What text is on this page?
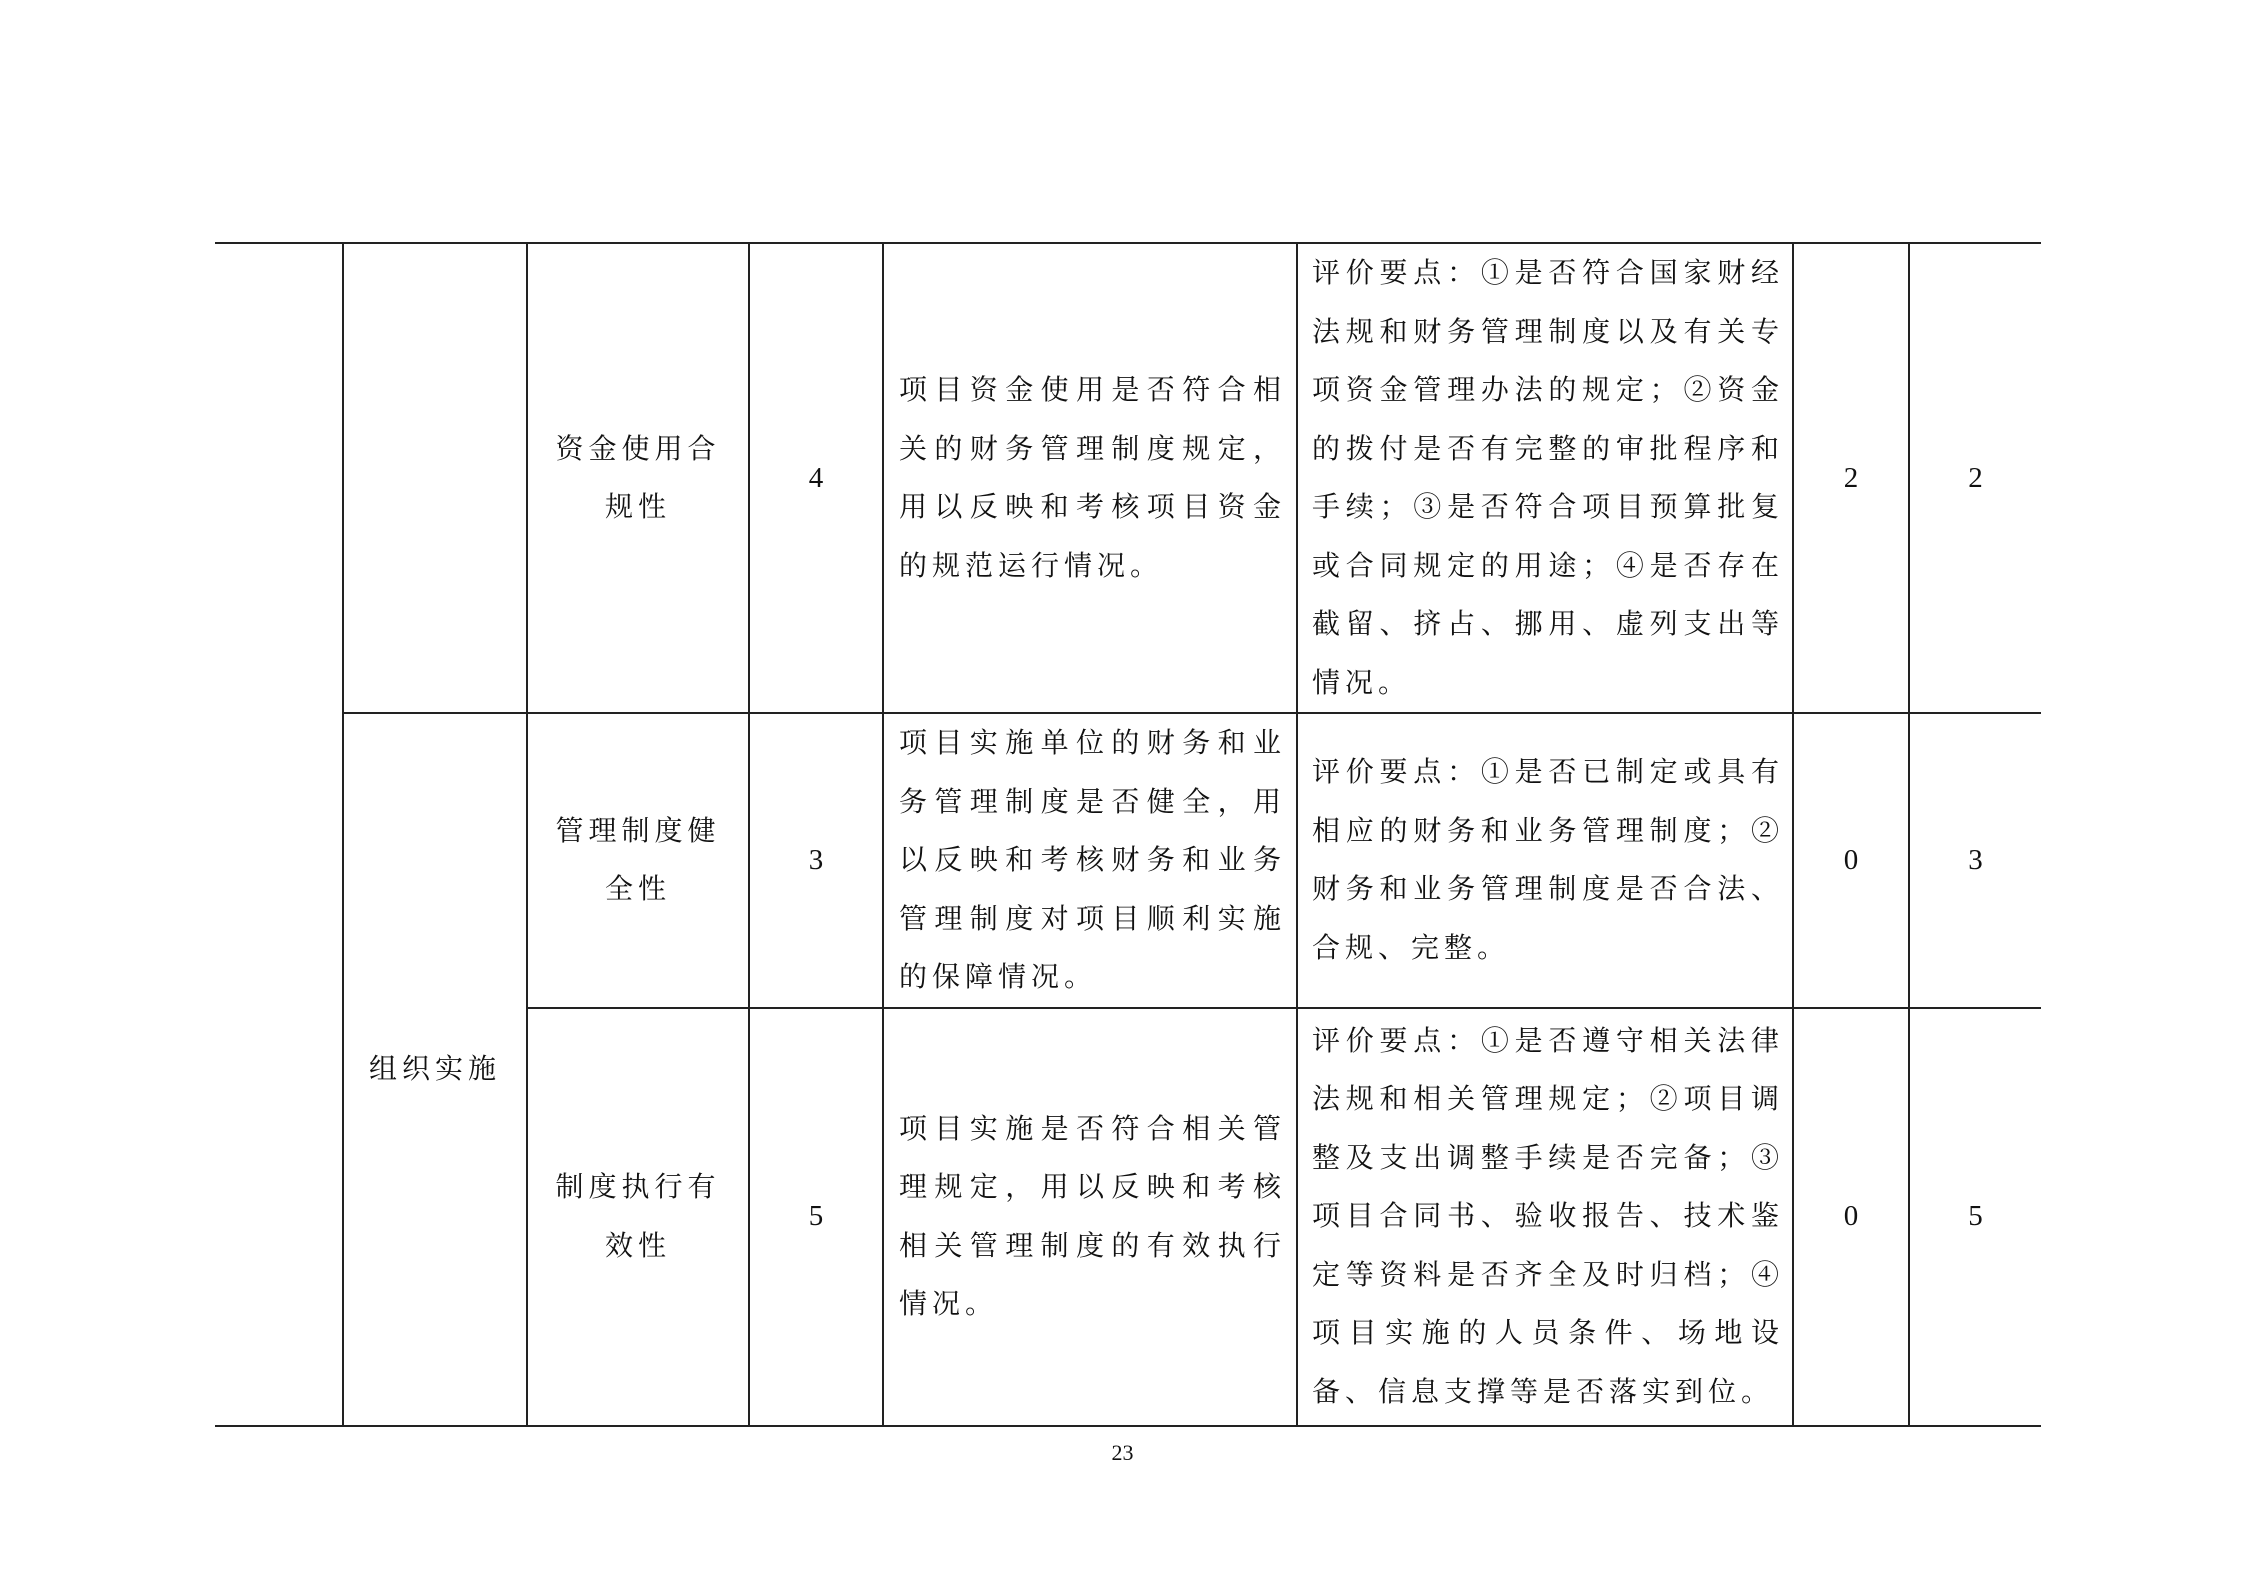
		资金使用合规性	4	项目资金使用是否符合相关的财务管理制度规定，用以反映和考核项目资金的规范运行情况。	评价要点：①是否符合国家财经法规和财务管理制度以及有关专项资金管理办法的规定；②资金的拨付是否有完整的审批程序和手续；③是否符合项目预算批复或合同规定的用途；④是否存在截留、挤占、挪用、虚列支出等情况。	2	2
	组织实施	管理制度健全性	3	项目实施单位的财务和业务管理制度是否健全，用以反映和考核财务和业务管理制度对项目顺利实施的保障情况。	评价要点：①是否已制定或具有相应的财务和业务管理制度；②财务和业务管理制度是否合法、合规、完整。	0	3
		制度执行有效性	5	项目实施是否符合相关管理规定，用以反映和考核相关管理制度的有效执行情况。	评价要点：①是否遵守相关法律法规和相关管理规定；②项目调整及支出调整手续是否完备；③项目合同书、验收报告、技术鉴定等资料是否齐全及时归档；④项目实施的人员条件、场地设备、信息支撑等是否落实到位。	0	5
23
